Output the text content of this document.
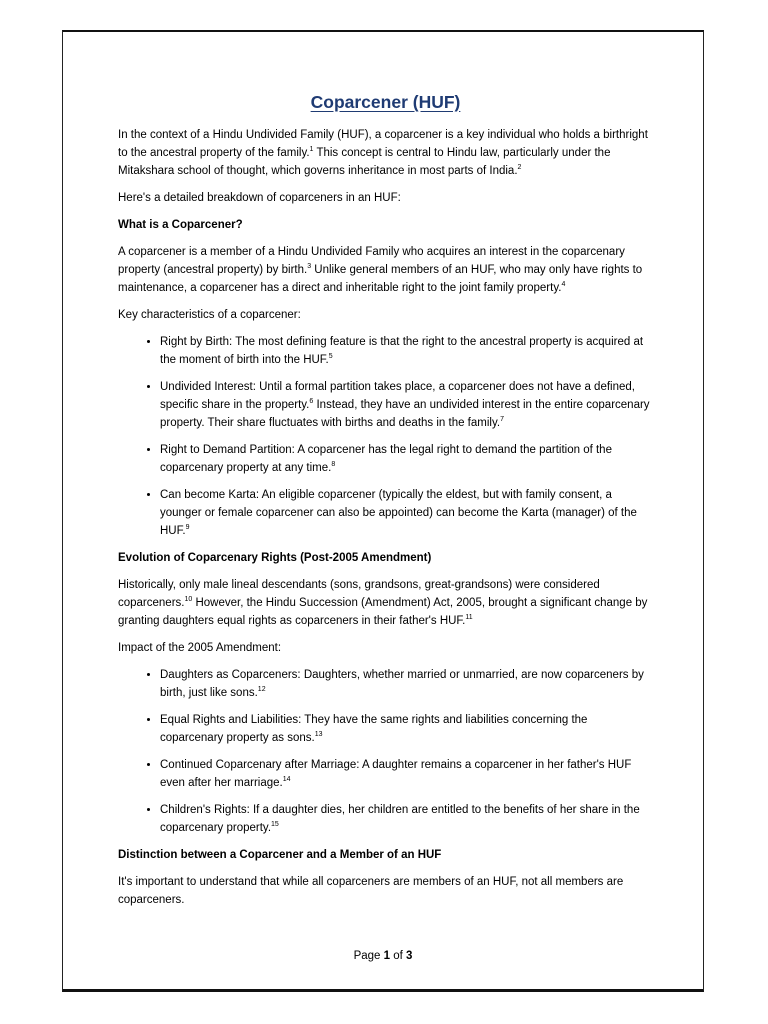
Coparcener (HUF)

In the context of a Hindu Undivided Family (HUF), a coparcener is a key individual who holds a birthright to the ancestral property of the family.$^1$ This concept is central to Hindu law, particularly under the Mitakshara school of thought, which governs inheritance in most parts of India.$^2$

Here's a detailed breakdown of coparceners in an HUF:

What is a Coparcener?

A coparcener is a member of a Hindu Undivided Family who acquires an interest in the coparcenary property (ancestral property) by birth.$^3$ Unlike general members of an HUF, who may only have rights to maintenance, a coparcener has a direct and inheritable right to the joint family property.$^4$

Key characteristics of a coparcener:

• Right by Birth: The most defining feature is that the right to the ancestral property is acquired at the moment of birth into the HUF.$^5$
• Undivided Interest: Until a formal partition takes place, a coparcener does not have a defined, specific share in the property.$^6$ Instead, they have an undivided interest in the entire coparcenary property. Their share fluctuates with births and deaths in the family.$^7$
• Right to Demand Partition: A coparcener has the legal right to demand the partition of the coparcenary property at any time.$^8$
• Can become Karta: An eligible coparcener (typically the eldest, but with family consent, a younger or female coparcener can also be appointed) can become the Karta (manager) of the HUF.$^9$

Evolution of Coparcenary Rights (Post-2005 Amendment)

Historically, only male lineal descendants (sons, grandsons, great-grandsons) were considered coparceners.$^{10}$ However, the Hindu Succession (Amendment) Act, 2005, brought a significant change by granting daughters equal rights as coparceners in their father's HUF.$^{11}$

Impact of the 2005 Amendment:

• Daughters as Coparceners: Daughters, whether married or unmarried, are now coparceners by birth, just like sons.$^{12}$
• Equal Rights and Liabilities: They have the same rights and liabilities concerning the coparcenary property as sons.$^{13}$
• Continued Coparcenary after Marriage: A daughter remains a coparcener in her father's HUF even after her marriage.$^{14}$
• Children's Rights: If a daughter dies, her children are entitled to the benefits of her share in the coparcenary property.$^{15}$

Distinction between a Coparcener and a Member of an HUF

It's important to understand that while all coparceners are members of an HUF, not all members are coparceners.

Page 1 of 3
